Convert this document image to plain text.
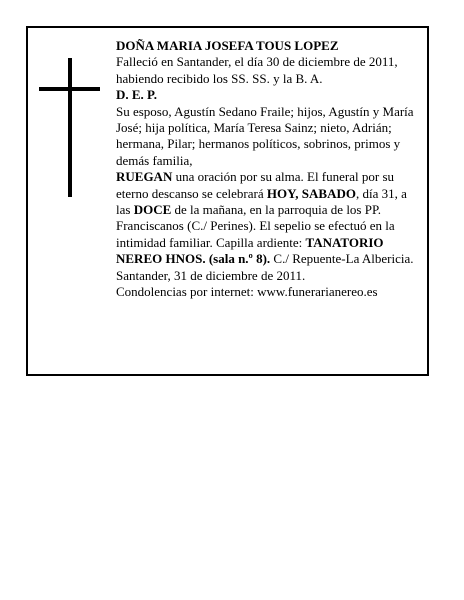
DOÑA MARIA JOSEFA TOUS LOPEZ

Falleció en Santander, el día 30 de diciembre de 2011, habiendo recibido los SS. SS. y la B. A.

D. E. P.

Su esposo, Agustín Sedano Fraile; hijos, Agustín y María José; hija política, María Teresa Sainz; nieto, Adrián; hermana, Pilar; hermanos políticos, sobrinos, primos y demás familia,

RUEGAN una oración por su alma. El funeral por su eterno descanso se celebrará HOY, SABADO, día 31, a las DOCE de la mañana, en la parroquia de los PP. Franciscanos (C./ Perines). El sepelio se efectuó en la intimidad familiar. Capilla ardiente: TANATORIO NEREO HNOS. (sala n.º 8). C./ Repuente-La Albericia.

Santander, 31 de diciembre de 2011.

Condolencias por internet: www.funerarianereo.es
